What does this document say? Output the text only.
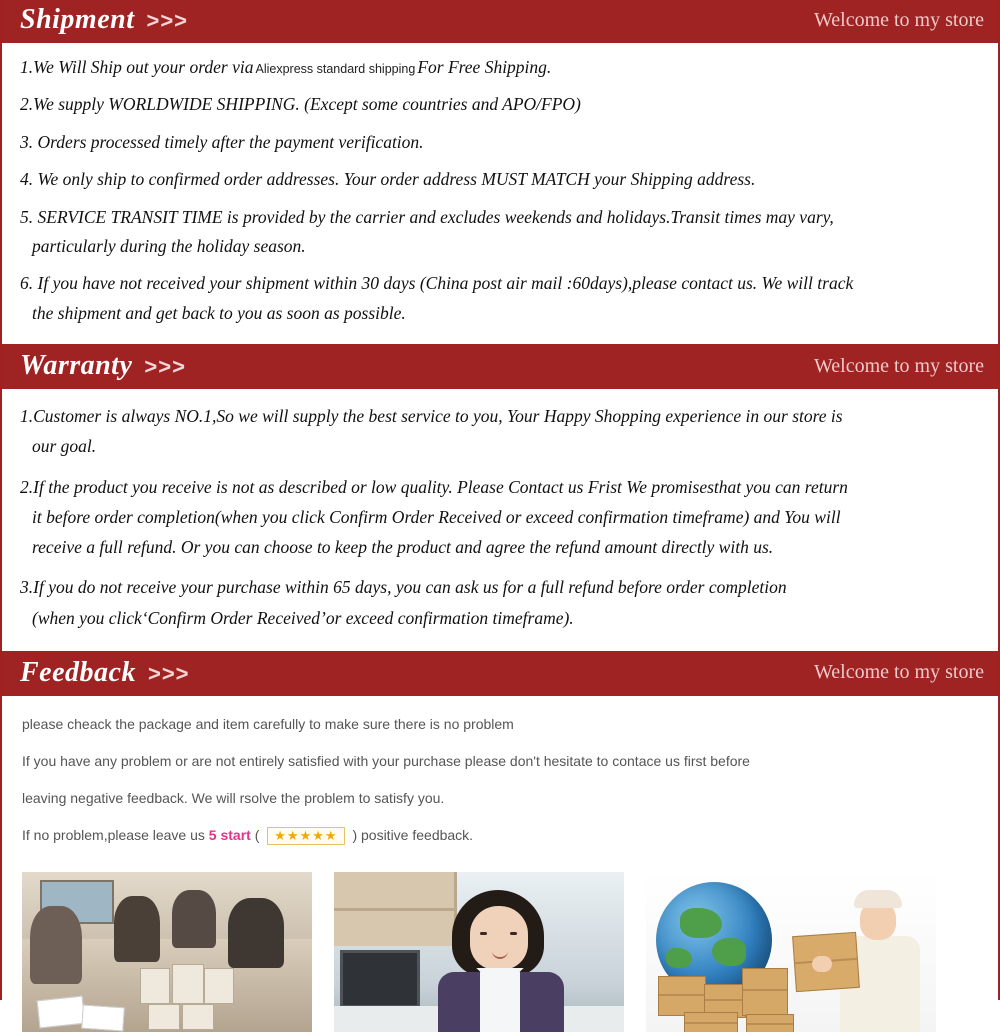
Shipment >>>	Welcome to my store

1.We Will Ship out your order via Aliexpress standard shipping For Free Shipping.

2.We supply WORLDWIDE SHIPPING. (Except some countries and APO/FPO)

3. Orders processed timely after the payment verification.

4. We only ship to confirmed order addresses. Your order address MUST MATCH your Shipping address.

5. SERVICE TRANSIT TIME is provided by the carrier and excludes weekends and holidays.Transit times may vary,

particularly during the holiday season.

6. If you have not received your shipment within 30 days (China post air mail :60days),please contact us. We will track

the shipment and get back to you as soon as possible.

Warranty >>>	Welcome to my store

1.Customer is always NO.1,So we will supply the best service to you, Your Happy Shopping experience in our store is

our goal.

2.If the product you receive is not as described or low quality. Please Contact us Frist We promisesthat you can return

it before order completion(when you click Confirm Order Received or exceed confirmation timeframe) and You will

receive a full refund. Or you can choose to keep the product and agree the refund amount directly with us.

3.If you do not receive your purchase within 65 days, you can ask us for a full refund before order completion

(when you click‘Confirm Order Received’or exceed confirmation timeframe).

Feedback >>>	Welcome to my store

please cheack the package and item carefully to make sure there is no problem

If you have any problem or are not entirely satisfied with your purchase please don't hesitate to contace us first before

leaving negative feedback. We will rsolve the problem to satisfy you.

If no problem,please leave us 5 start ( ★★★★★ ) positive feedback.
